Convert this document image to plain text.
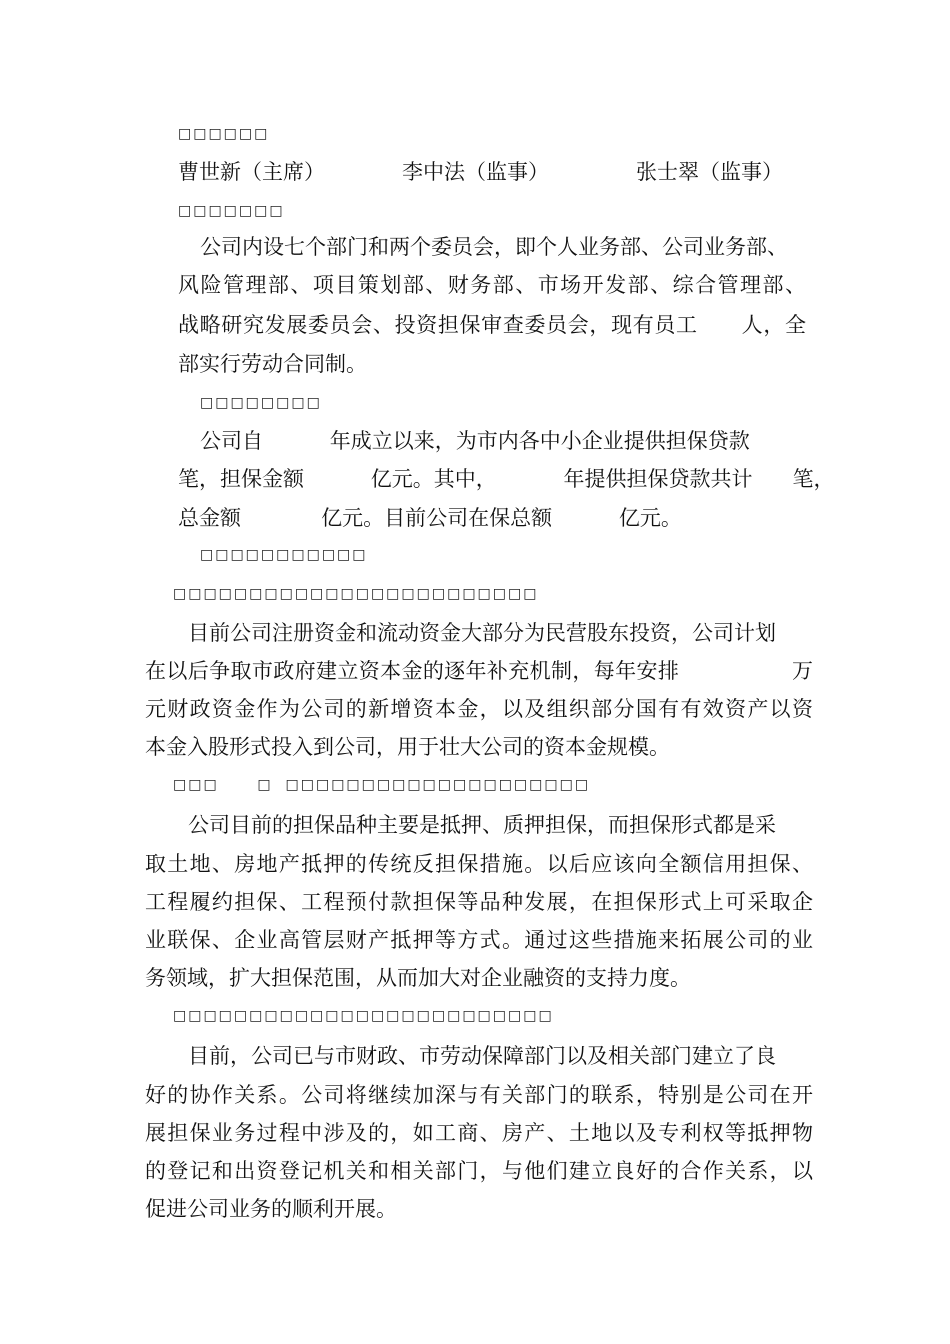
□□□□□□
曹世新（主席）	李中法（监事）	张士翠（监事）
□□□□□□□
公司内设七个部门和两个委员会，即个人业务部、公司业务部、
风险管理部、项目策划部、财务部、市场开发部、综合管理部、
战略研究发展委员会、投资担保审查委员会，现有员工      人，全
部实行劳动合同制。
□□□□□□□□
公司自          年成立以来，为市内各中小企业提供担保贷款
笔，担保金额          亿元。其中，          年提供担保贷款共计      笔，
总金额            亿元。目前公司在保总额          亿元。
□□□□□□□□□□□
□□□□□□□□□□□□□□□□□□□□□□□□
目前公司注册资金和流动资金大部分为民营股东投资，公司计划
在以后争取市政府建立资本金的逐年补充机制，每年安排                万
元财政资金作为公司的新增资本金，以及组织部分国有有效资产以资
本金入股形式投入到公司，用于壮大公司的资本金规模。
□□□      □  □□□□□□□□□□□□□□□□□□□□
公司目前的担保品种主要是抵押、质押担保，而担保形式都是采
取土地、房地产抵押的传统反担保措施。以后应该向全额信用担保、
工程履约担保、工程预付款担保等品种发展，在担保形式上可采取企
业联保、企业高管层财产抵押等方式。通过这些措施来拓展公司的业
务领域，扩大担保范围，从而加大对企业融资的支持力度。
□□□□□□□□□□□□□□□□□□□□□□□□□
目前，公司已与市财政、市劳动保障部门以及相关部门建立了良
好的协作关系。公司将继续加深与有关部门的联系，特别是公司在开
展担保业务过程中涉及的，如工商、房产、土地以及专利权等抵押物
的登记和出资登记机关和相关部门，与他们建立良好的合作关系，以
促进公司业务的顺利开展。
